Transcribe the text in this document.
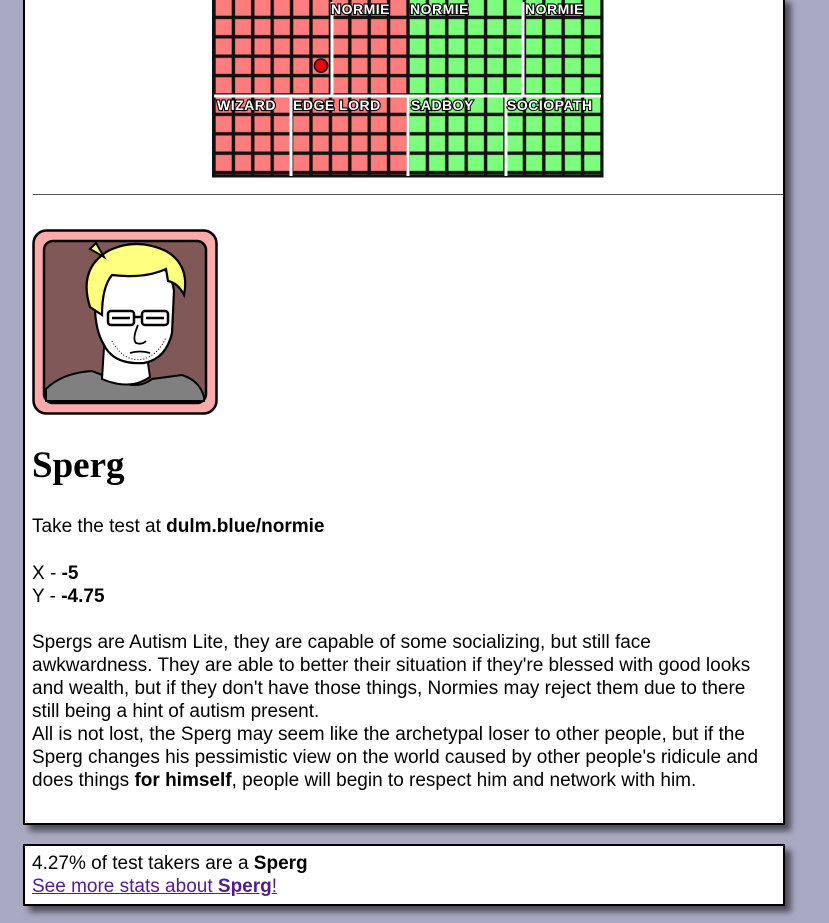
NORMIE NORMIE	NORMIE
WIZARD EDGE LORD SADBOY SOCIOPATH
Sperg

Take the test at dulm.blue/normie

X - -5
Y - -4.75

Spergs are Autism Lite, they are capable of some socializing, but still face awkwardness. They are able to better their situation if they're blessed with good looks and wealth, but if they don't have those things, Normies may reject them due to there still being a hint of autism present.
All is not lost, the Sperg may seem like the archetypal loser to other people, but if the Sperg changes his pessimistic view on the world caused by other people's ridicule and does things for himself, people will begin to respect him and network with him.
4.27% of test takers are a Sperg
See more stats about Sperg!
